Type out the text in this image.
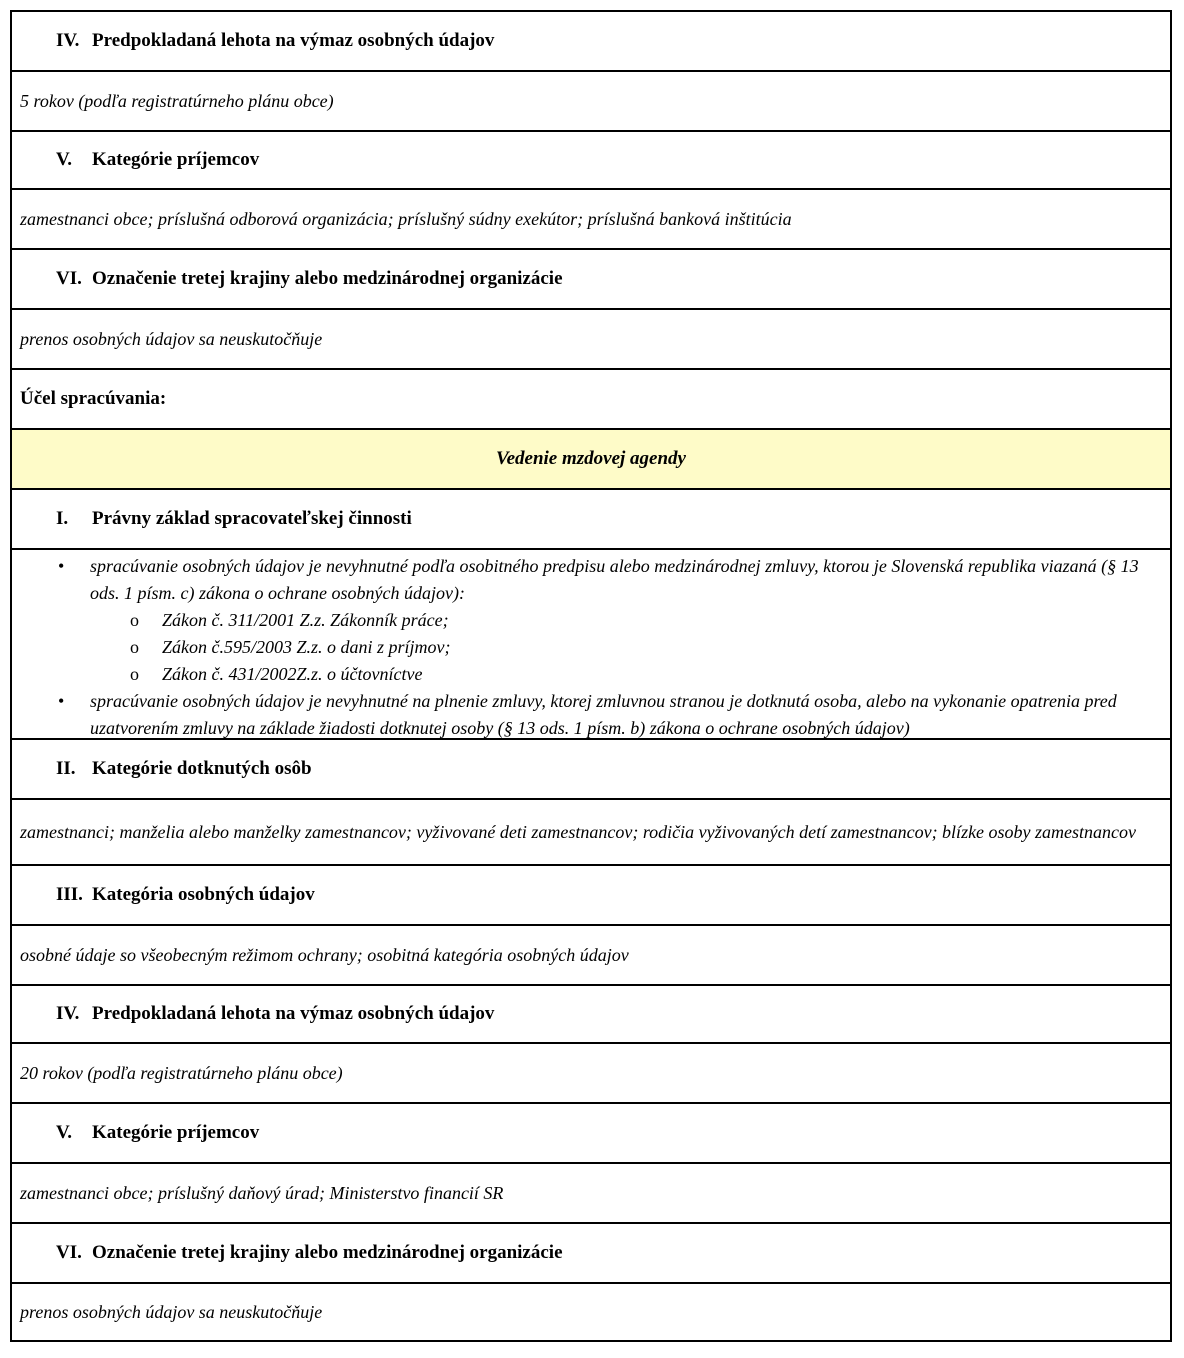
IV. Predpokladaná lehota na výmaz osobných údajov
5 rokov (podľa registratúrneho plánu obce)
V.	Kategórie príjemcov
zamestnanci obce; príslušná odborová organizácia; príslušný súdny exekútor; príslušná banková inštitúcia
VI. Označenie tretej krajiny alebo medzinárodnej organizácie
prenos osobných údajov sa neuskutočňuje
Účel spracúvania:
Vedenie mzdovej agendy
I.	Právny základ spracovateľskej činnosti
• spracúvanie osobných údajov je nevyhnutné podľa osobitného predpisu alebo medzinárodnej zmluvy, ktorou je Slovenská republika viazaná (§ 13 ods. 1 písm. c) zákona o ochrane osobných údajov):
o Zákon č. 311/2001 Z.z. Zákonník práce;
o Zákon č.595/2003 Z.z. o dani z príjmov;
o Zákon č. 431/2002Z.z. o účtovníctve
• spracúvanie osobných údajov je nevyhnutné na plnenie zmluvy, ktorej zmluvnou stranou je dotknutá osoba, alebo na vykonanie opatrenia pred uzatvorením zmluvy na základe žiadosti dotknutej osoby (§ 13 ods. 1 písm. b) zákona o ochrane osobných údajov)
II. Kategórie dotknutých osôb
zamestnanci; manželia alebo manželky zamestnancov; vyživované deti zamestnancov; rodičia vyživovaných detí zamestnancov; blízke osoby zamestnancov
III. Kategória osobných údajov
osobné údaje so všeobecným režimom ochrany; osobitná kategória osobných údajov
IV. Predpokladaná lehota na výmaz osobných údajov
20 rokov (podľa registratúrneho plánu obce)
V.	Kategórie príjemcov
zamestnanci obce; príslušný daňový úrad; Ministerstvo financií SR
VI. Označenie tretej krajiny alebo medzinárodnej organizácie
prenos osobných údajov sa neuskutočňuje
